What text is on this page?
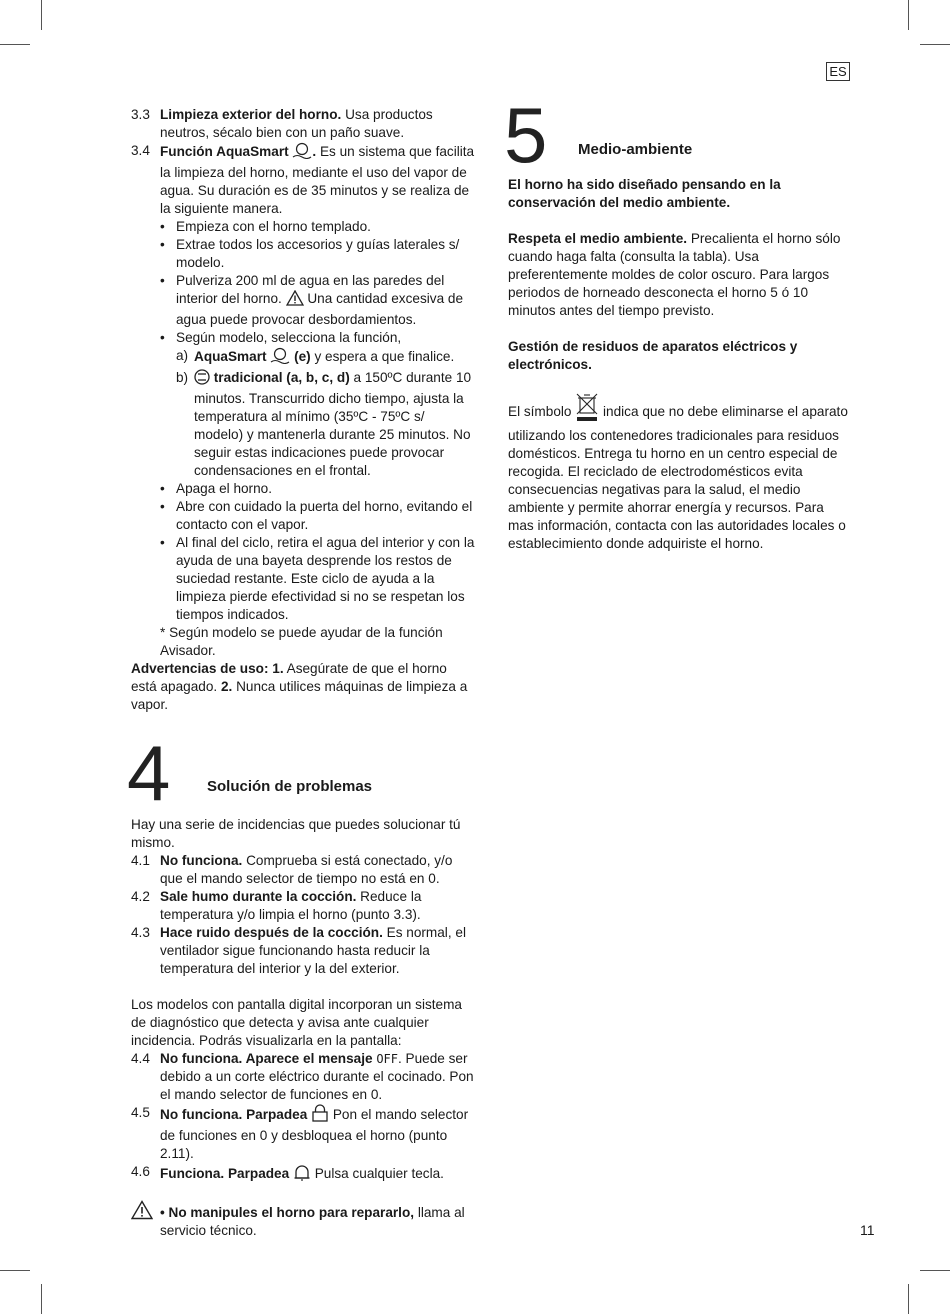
ES
11

3.3 Limpieza exterior del horno. Usa productos neutros, sécalo bien con un paño suave.

3.4 Función AquaSmart . Es un sistema que facilita la limpieza del horno, mediante el uso del vapor de agua. Su duración es de 35 minutos y se realiza de la siguiente manera.

• Empieza con el horno templado.

• Extrae todos los accesorios y guías laterales s/ modelo.

• Pulveriza 200 ml de agua en las paredes del interior del horno.  Una cantidad excesiva de agua puede provocar desbordamientos.

• Según modelo, selecciona la función,

a) AquaSmart  (e) y espera a que finalice.

b) tradicional (a, b, c, d) a 150ºC durante 10 minutos. Transcurrido dicho tiempo, ajusta la temperatura al mínimo (35ºC - 75ºC s/ modelo) y mantenerla durante 25 minutos. No seguir estas indicaciones puede provocar condensaciones en el frontal.

• Apaga el horno.

• Abre con cuidado la puerta del horno, evitando el contacto con el vapor.

• Al final del ciclo, retira el agua del interior y con la ayuda de una bayeta desprende los restos de suciedad restante. Este ciclo de ayuda a la limpieza pierde efectividad si no se respetan los tiempos indicados.

* Según modelo se puede ayudar de la función Avisador.

Advertencias de uso: 1. Asegúrate de que el horno está apagado. 2. Nunca utilices máquinas de limpieza a vapor.

4 Solución de problemas

Hay una serie de incidencias que puedes solucionar tú mismo.

4.1 No funciona. Comprueba si está conectado, y/o que el mando selector de tiempo no está en 0.

4.2 Sale humo durante la cocción. Reduce la temperatura y/o limpia el horno (punto 3.3).

4.3 Hace ruido después de la cocción. Es normal, el ventilador sigue funcionando hasta reducir la temperatura del interior y la del exterior.

Los modelos con pantalla digital incorporan un sistema de diagnóstico que detecta y avisa ante cualquier incidencia. Podrás visualizarla en la pantalla:

4.4 No funciona. Aparece el mensaje OFF. Puede ser debido a un corte eléctrico durante el cocinado. Pon el mando selector de funciones en 0.

4.5 No funciona. Parpadea  Pon el mando selector de funciones en 0 y desbloquea el horno (punto 2.11).

4.6 Funciona. Parpadea  Pulsa cualquier tecla.

• No manipules el horno para repararlo, llama al servicio técnico.

5 Medio-ambiente

El horno ha sido diseñado pensando en la conservación del medio ambiente.

Respeta el medio ambiente. Precalienta el horno sólo cuando haga falta (consulta la tabla). Usa preferentemente moldes de color oscuro. Para largos periodos de horneado desconecta el horno 5 ó 10 minutos antes del tiempo previsto.

Gestión de residuos de aparatos eléctricos y electrónicos.

El símbolo  indica que no debe eliminarse el aparato utilizando los contenedores tradicionales para residuos domésticos. Entrega tu horno en un centro especial de recogida. El reciclado de electrodomésticos evita consecuencias negativas para la salud, el medio ambiente y permite ahorrar energía y recursos. Para mas información, contacta con las autoridades locales o establecimiento donde adquiriste el horno.
